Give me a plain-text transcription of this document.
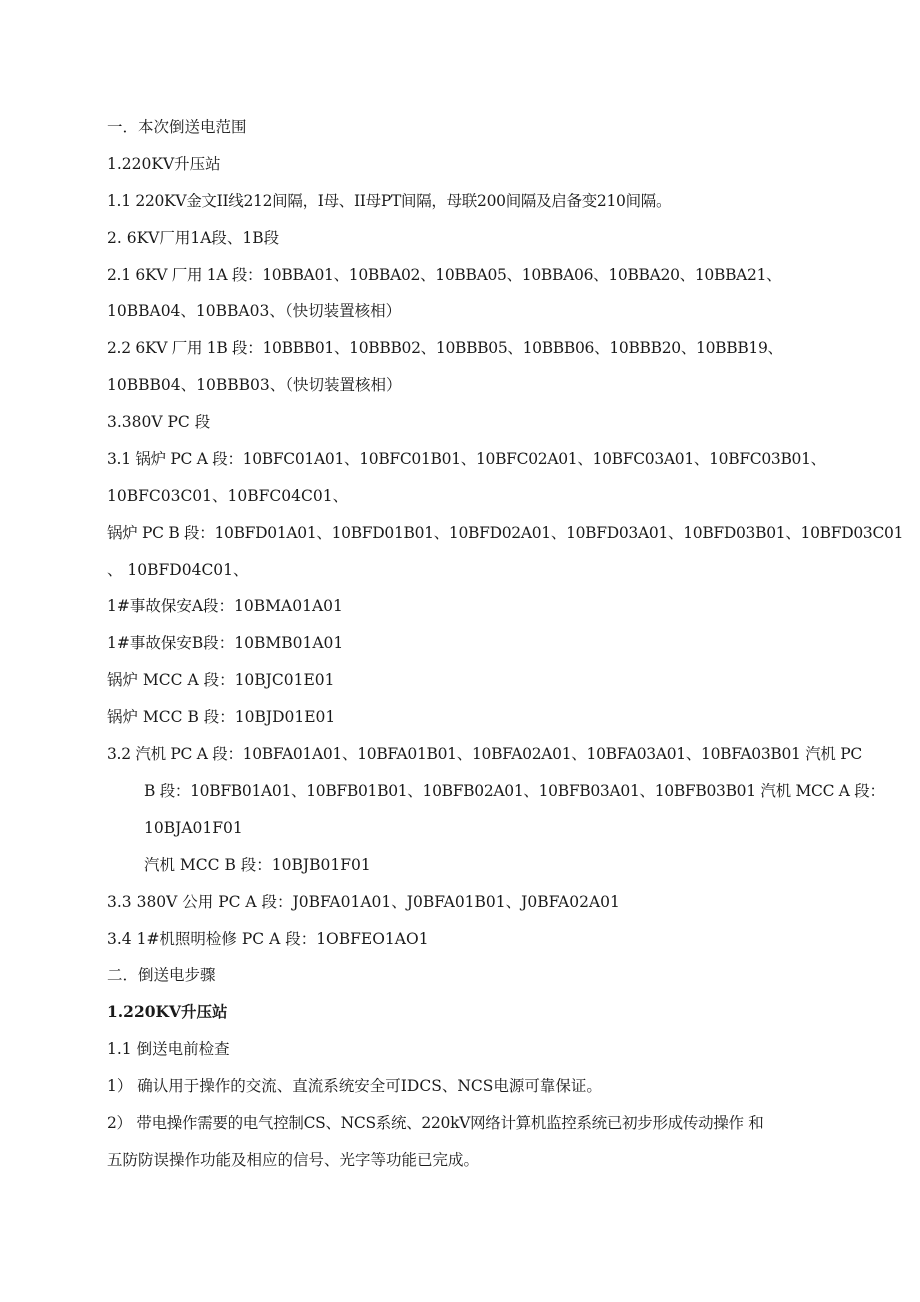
一．本次倒送电范围
1.220KV升压站
1.1 220KV金文II线212间隔，I母、II母PT间隔，母联200间隔及启备变210间隔。
2. 6KV厂用1A段、1B段
2.1 6KV 厂用 1A 段：10BBA01、10BBA02、10BBA05、10BBA06、10BBA20、10BBA21、
10BBA04、10BBA03、（快切装置核相）
2.2 6KV 厂用 1B 段：10BBB01、10BBB02、10BBB05、10BBB06、10BBB20、10BBB19、
10BBB04、10BBB03、（快切装置核相）
3.380V PC 段
3.1 锅炉 PC A 段：10BFC01A01、10BFC01B01、10BFC02A01、10BFC03A01、10BFC03B01、
10BFC03C01、10BFC04C01、
锅炉 PC B 段：10BFD01A01、10BFD01B01、10BFD02A01、10BFD03A01、10BFD03B01、10BFD03C01
、 10BFD04C01、
1#事故保安A段：10BMA01A01
1#事故保安B段：10BMB01A01
锅炉 MCC A 段：10BJC01E01
锅炉 MCC B 段：10BJD01E01
3.2 汽机 PC A 段：10BFA01A01、10BFA01B01、10BFA02A01、10BFA03A01、10BFA03B01 汽机 PC
B 段：10BFB01A01、10BFB01B01、10BFB02A01、10BFB03A01、10BFB03B01 汽机 MCC A 段：
10BJA01F01
汽机 MCC B 段：10BJB01F01
3.3 380V 公用 PC A 段：J0BFA01A01、J0BFA01B01、J0BFA02A01
3.4 1#机照明检修 PC A 段：1OBFEO1AO1
二．倒送电步骤
1.220KV升压站
1.1 倒送电前检查
1） 确认用于操作的交流、直流系统安全可IDCS、NCS电源可靠保证。
2） 带电操作需要的电气控制CS、NCS系统、220kV网络计算机监控系统已初步形成传动操作 和
五防防误操作功能及相应的信号、光字等功能已完成。
